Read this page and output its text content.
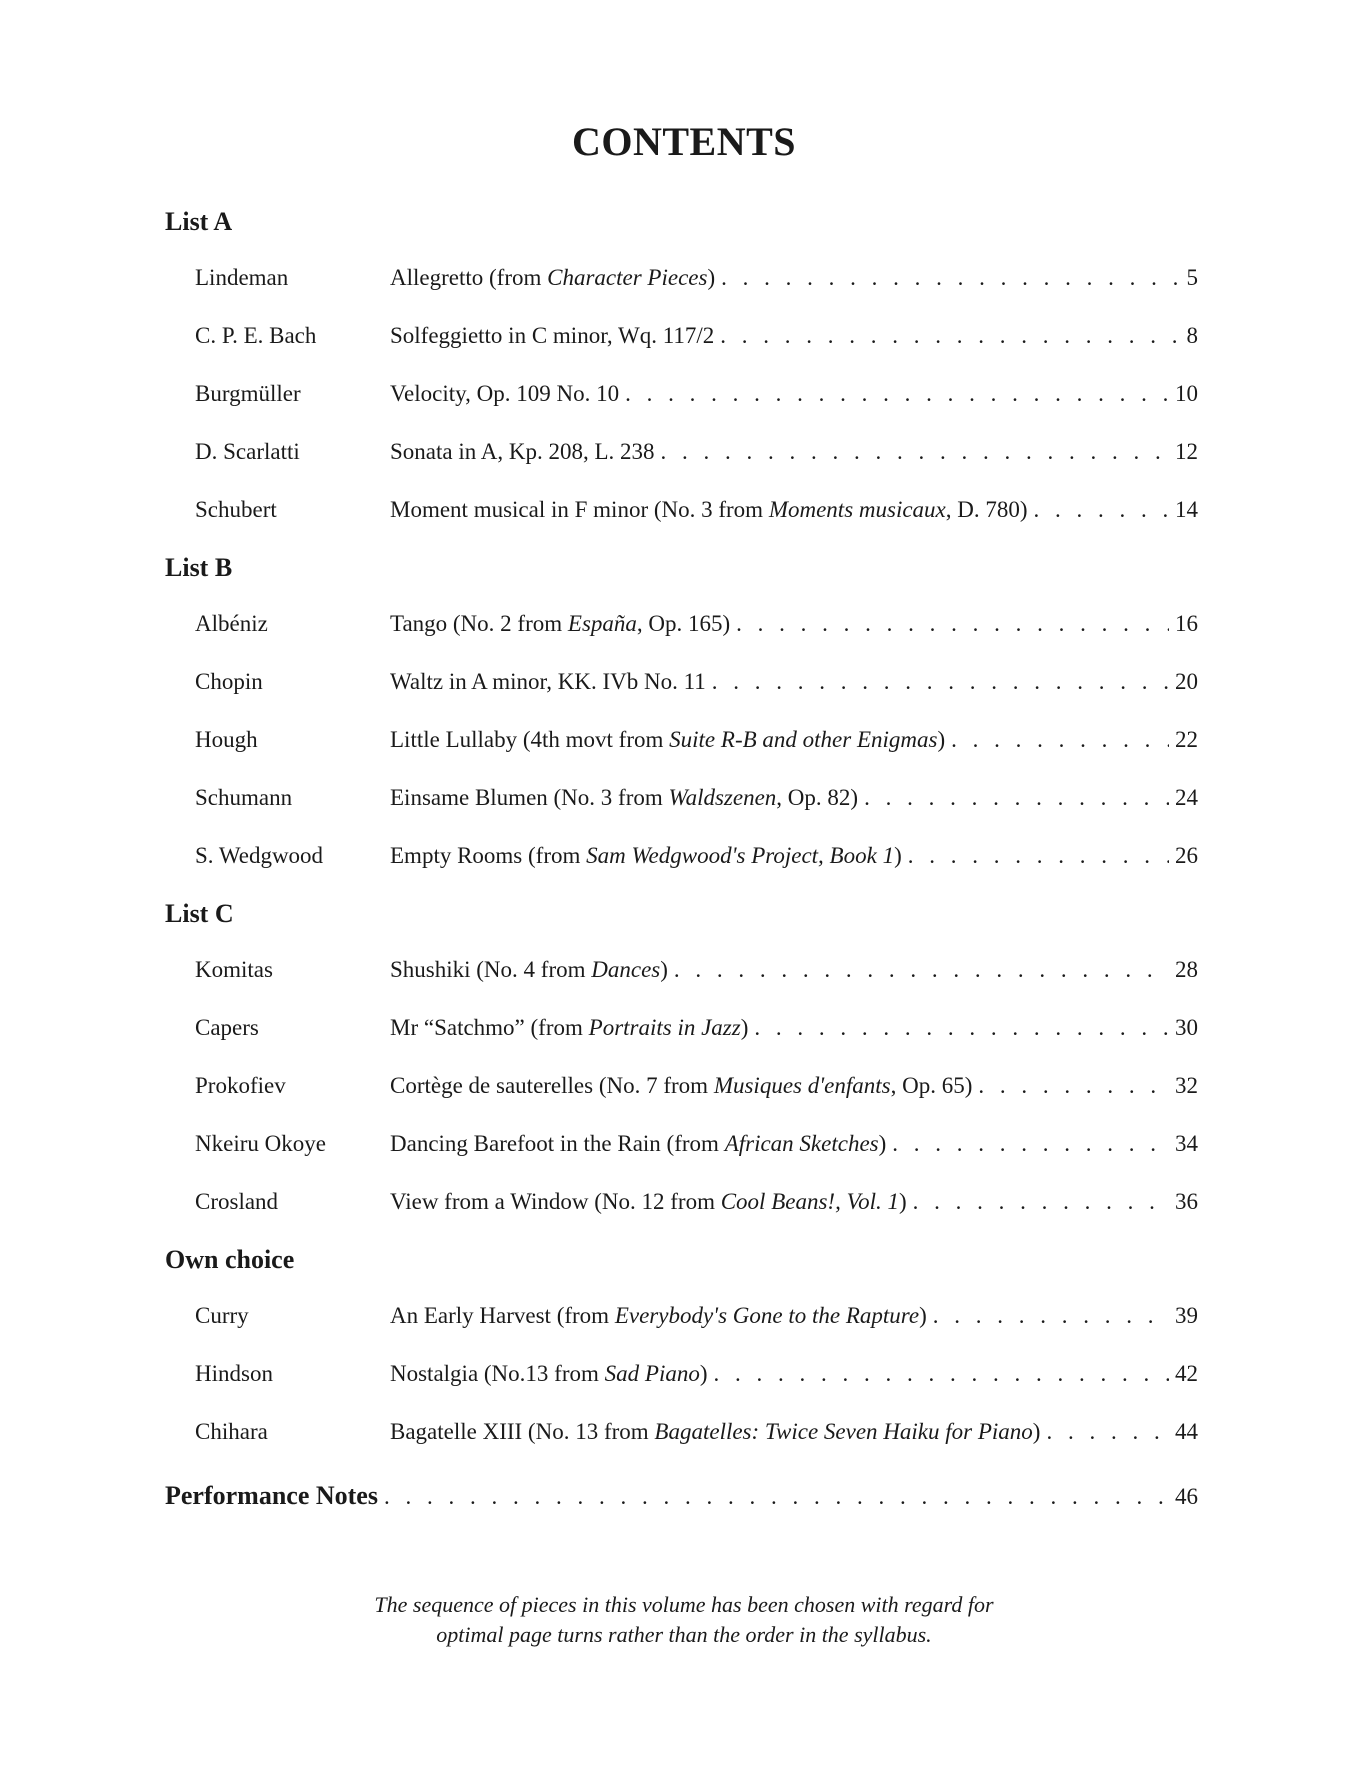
CONTENTS
List A
Lindeman	Allegretto (from Character Pieces) . . .	5
C. P. E. Bach	Solfeggietto in C minor, Wq. 117/2 . . .	8
Burgmüller	Velocity, Op. 109 No. 10 . . .	10
D. Scarlatti	Sonata in A, Kp. 208, L. 238 . . .	12
Schubert	Moment musical in F minor (No. 3 from Moments musicaux, D. 780) . . .	14
List B
Albéniz	Tango (No. 2 from España, Op. 165) . . .	16
Chopin	Waltz in A minor, KK. IVb No. 11 . . .	20
Hough	Little Lullaby (4th movt from Suite R-B and other Enigmas) . . .	22
Schumann	Einsame Blumen (No. 3 from Waldszenen, Op. 82) . . .	24
S. Wedgwood	Empty Rooms (from Sam Wedgwood's Project, Book 1) . . .	26
List C
Komitas	Shushiki (No. 4 from Dances) . . .	28
Capers	Mr “Satchmo” (from Portraits in Jazz) . . .	30
Prokofiev	Cortège de sauterelles (No. 7 from Musiques d'enfants, Op. 65) . . .	32
Nkeiru Okoye	Dancing Barefoot in the Rain (from African Sketches) . . .	34
Crosland	View from a Window (No. 12 from Cool Beans!, Vol. 1) . . .	36
Own choice
Curry	An Early Harvest (from Everybody's Gone to the Rapture) . . .	39
Hindson	Nostalgia (No.13 from Sad Piano) . . .	42
Chihara	Bagatelle XIII (No. 13 from Bagatelles: Twice Seven Haiku for Piano) . . .	44
Performance Notes . . .	46
The sequence of pieces in this volume has been chosen with regard for
optimal page turns rather than the order in the syllabus.
